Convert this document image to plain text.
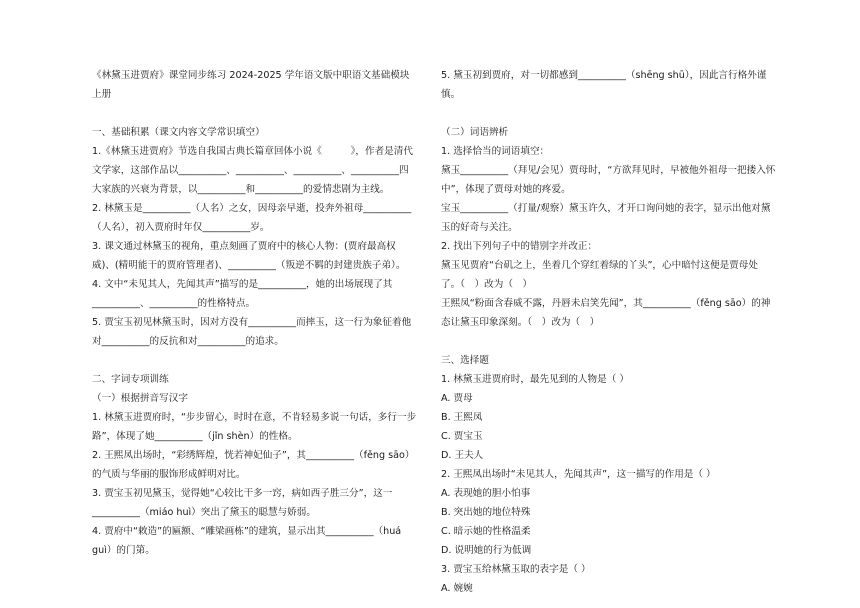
《林黛玉进贾府》课堂同步练习 2024-2025 学年语文版中职语文基础模块上册

一、基础积累（课文内容文学常识填空）

1.《林黛玉进贾府》节选自我国古典长篇章回体小说《　　　》，作者是清代文学家，这部作品以__________、__________、__________、__________四大家族的兴衰为背景，以__________和__________的爱情悲剧为主线。

2. 林黛玉是__________（人名）之女，因母亲早逝，投奔外祖母__________（人名），初入贾府时年仅__________岁。

3. 课文通过林黛玉的视角，重点刻画了贾府中的核心人物：(贾府最高权威)、(精明能干的贾府管理者)、__________（叛逆不羁的封建贵族子弟）。

4. 文中“未见其人，先闻其声”描写的是__________，她的出场展现了其__________、__________的性格特点。

5. 贾宝玉初见林黛玉时，因对方没有__________而摔玉，这一行为象征着他对__________的反抗和对__________的追求。

二、字词专项训练

（一）根据拼音写汉字

1. 林黛玉进贾府时，“步步留心，时时在意，不肯轻易多说一句话，多行一步路”，体现了她__________（jǐn shèn）的性格。

2. 王熙凤出场时，“彩绣辉煌，恍若神妃仙子”，其__________（fěng sāo）的气质与华丽的服饰形成鲜明对比。

3. 贾宝玉初见黛玉，觉得她“心较比干多一窍，病如西子胜三分”，这一__________（miáo huì）突出了黛玉的聪慧与娇弱。

4. 贾府中“敕造”的匾额、“雕梁画栋”的建筑，显示出其__________（huá guì）的门第。

5. 黛玉初到贾府，对一切都感到__________（shēng shū），因此言行格外谨慎。

（二）词语辨析

1. 选择恰当的词语填空：

黛玉__________（拜见/会见）贾母时，“方欲拜见时，早被他外祖母一把搂入怀中”，体现了贾母对她的疼爱。

宝玉__________（打量/观察）黛玉许久，才开口询问她的表字，显示出他对黛玉的好奇与关注。

2. 找出下列句子中的错别字并改正：

黛玉见贾府“台矶之上，坐着几个穿红着绿的丫头”，心中暗忖这便是贾母处了。（　）改为（　）

王熙凤“粉面含春威不露，丹唇未启笑先闻”，其__________（fěng sāo）的神态让黛玉印象深刻。（　）改为（　）

三、选择题

1. 林黛玉进贾府时，最先见到的人物是（ ）

A. 贾母

B. 王熙凤

C. 贾宝玉

D. 王夫人

2. 王熙凤出场时“未见其人，先闻其声”，这一描写的作用是（ ）

A. 表现她的胆小怕事

B. 突出她的地位特殊

C. 暗示她的性格温柔

D. 说明她的行为低调

3. 贾宝玉给林黛玉取的表字是（ ）

A. 婉婉
